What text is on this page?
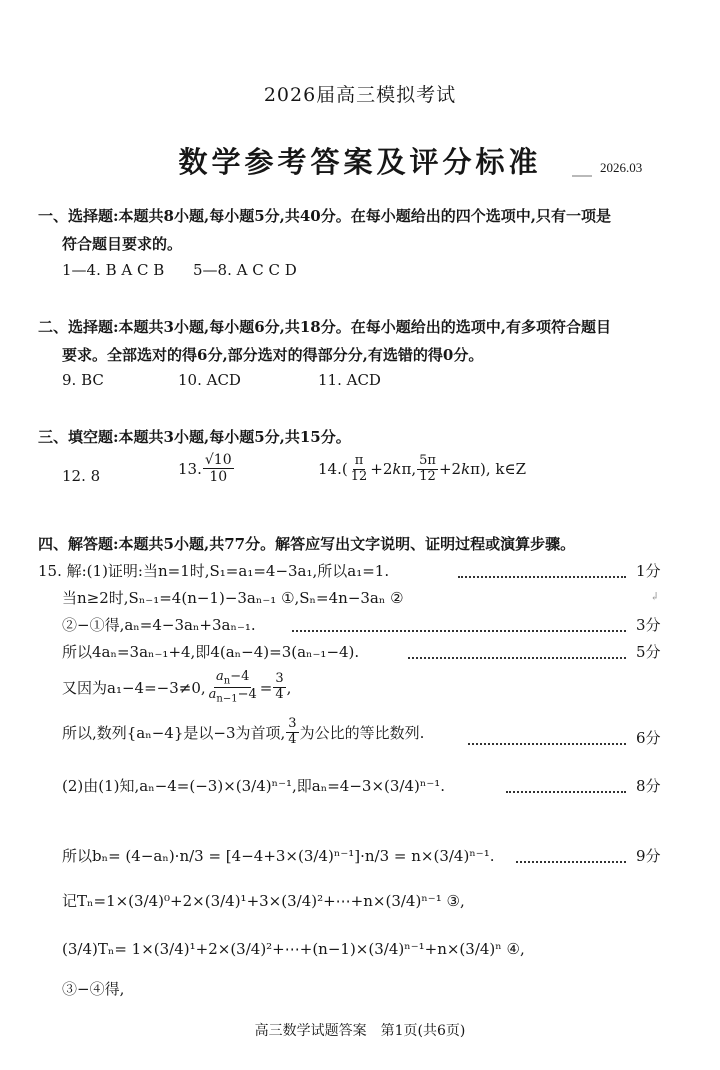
2026届高三模拟考试
数学参考答案及评分标准	2026.03
一、选择题:本题共8小题,每小题5分,共40分。在每小题给出的四个选项中,只有一项是
符合题目要求的。
1—4. B A C B 5—8. A C C D
二、选择题:本题共3小题,每小题6分,共18分。在每小题给出的选项中,有多项符合题目
要求。全部选对的得6分,部分选对的得部分分,有选错的得0分。
9. BC	10. ACD	11. ACD
三、填空题:本题共3小题,每小题5分,共15分。
12. 8	13. $\frac{√10}{10}$	14. ( $\frac{\pi}{12} +2k\pi$, $\frac{5\pi}{12} +2k\pi$), k∈Z
四、解答题:本题共5小题,共77分。解答应写出文字说明、证明过程或演算步骤。
15. 解:(1)证明:当n=1时,S₁=a₁=4−3a₁,所以a₁=1.	1分
当n≥2时,Sₙ₋₁=4(n−1)−3aₙ₋₁ ①,Sₙ=4n−3aₙ ②	↲
②−①得,aₙ=4−3aₙ+3aₙ₋₁.	3分
所以4aₙ=3aₙ₋₁+4,即4(aₙ−4)=3(aₙ₋₁−4).	5分
又因为a₁−4=−3≠0, $\frac{a_n-4}{a_{n-1}-4} = \frac{3}{4}$ ,
所以,数列{aₙ−4}是以−3为首项, $\frac{3}{4}$ 为公比的等比数列.	6分
(2)由(1)知,aₙ−4=(−3)×(3/4)ⁿ⁻¹,即aₙ=4−3×(3/4)ⁿ⁻¹.	8分
所以bₙ= (4−aₙ)·n/3 = [4−4+3×(3/4)ⁿ⁻¹]·n/3 = n×(3/4)ⁿ⁻¹.	9分
记Tₙ=1×(3/4)⁰+2×(3/4)¹+3×(3/4)²+⋯+n×(3/4)ⁿ⁻¹ ③,
(3/4)Tₙ= 1×(3/4)¹+2×(3/4)²+⋯+(n−1)×(3/4)ⁿ⁻¹+n×(3/4)ⁿ ④,
③−④得,
高三数学试题答案　第1页(共6页)
